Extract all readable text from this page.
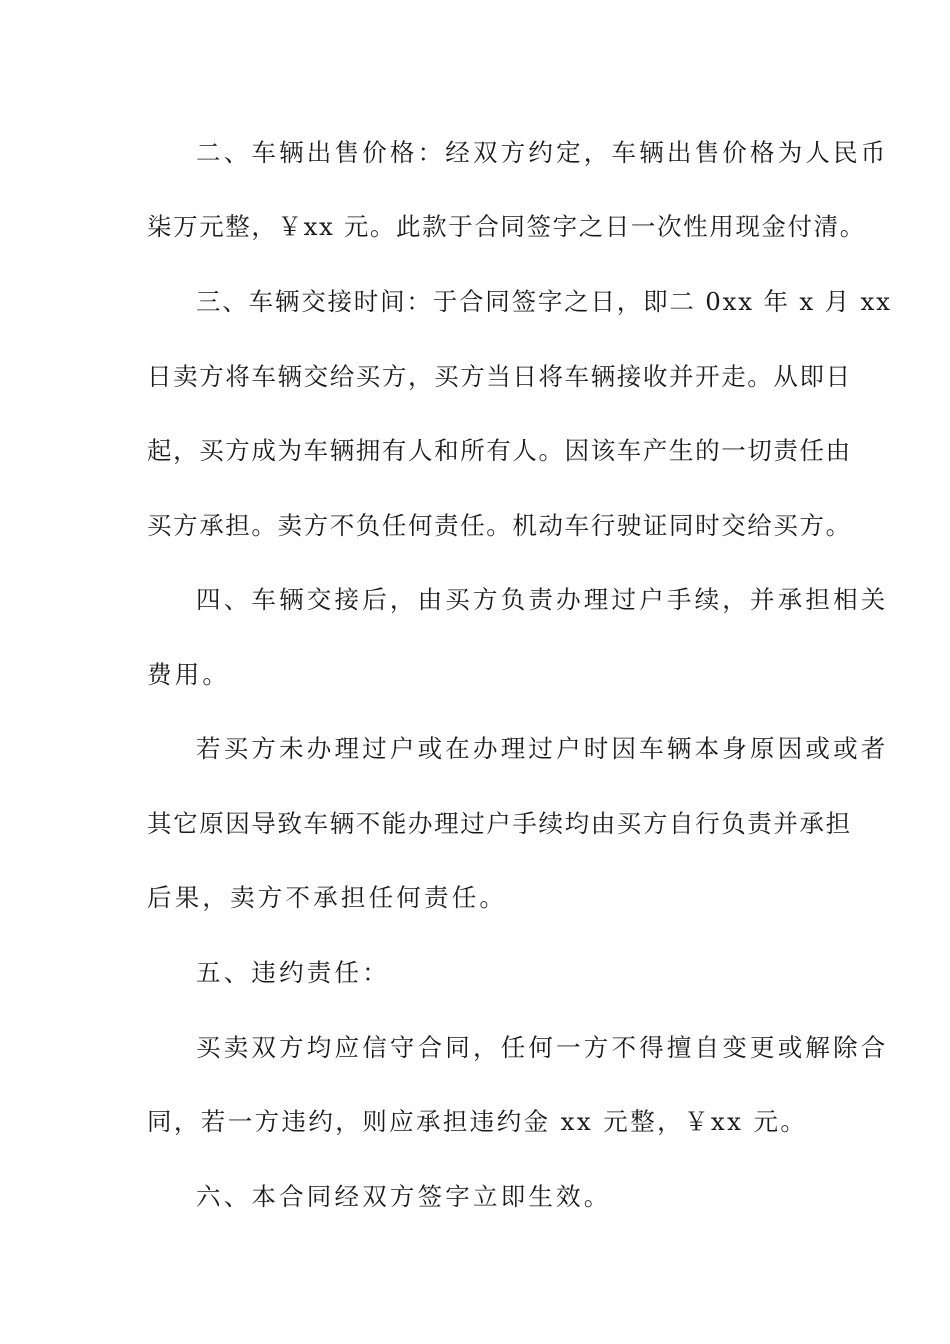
二、车辆出售价格：经双方约定，车辆出售价格为人民币
柒万元整，￥xx 元。此款于合同签字之日一次性用现金付清。
三、车辆交接时间：于合同签字之日，即二 0xx 年 x 月 xx
日卖方将车辆交给买方，买方当日将车辆接收并开走。从即日
起，买方成为车辆拥有人和所有人。因该车产生的一切责任由
买方承担。卖方不负任何责任。机动车行驶证同时交给买方。
四、车辆交接后，由买方负责办理过户手续，并承担相关
费用。
若买方未办理过户或在办理过户时因车辆本身原因或或者
其它原因导致车辆不能办理过户手续均由买方自行负责并承担
后果，卖方不承担任何责任。
五、违约责任：
买卖双方均应信守合同，任何一方不得擅自变更或解除合
同，若一方违约，则应承担违约金 xx 元整，￥xx 元。
六、本合同经双方签字立即生效。
